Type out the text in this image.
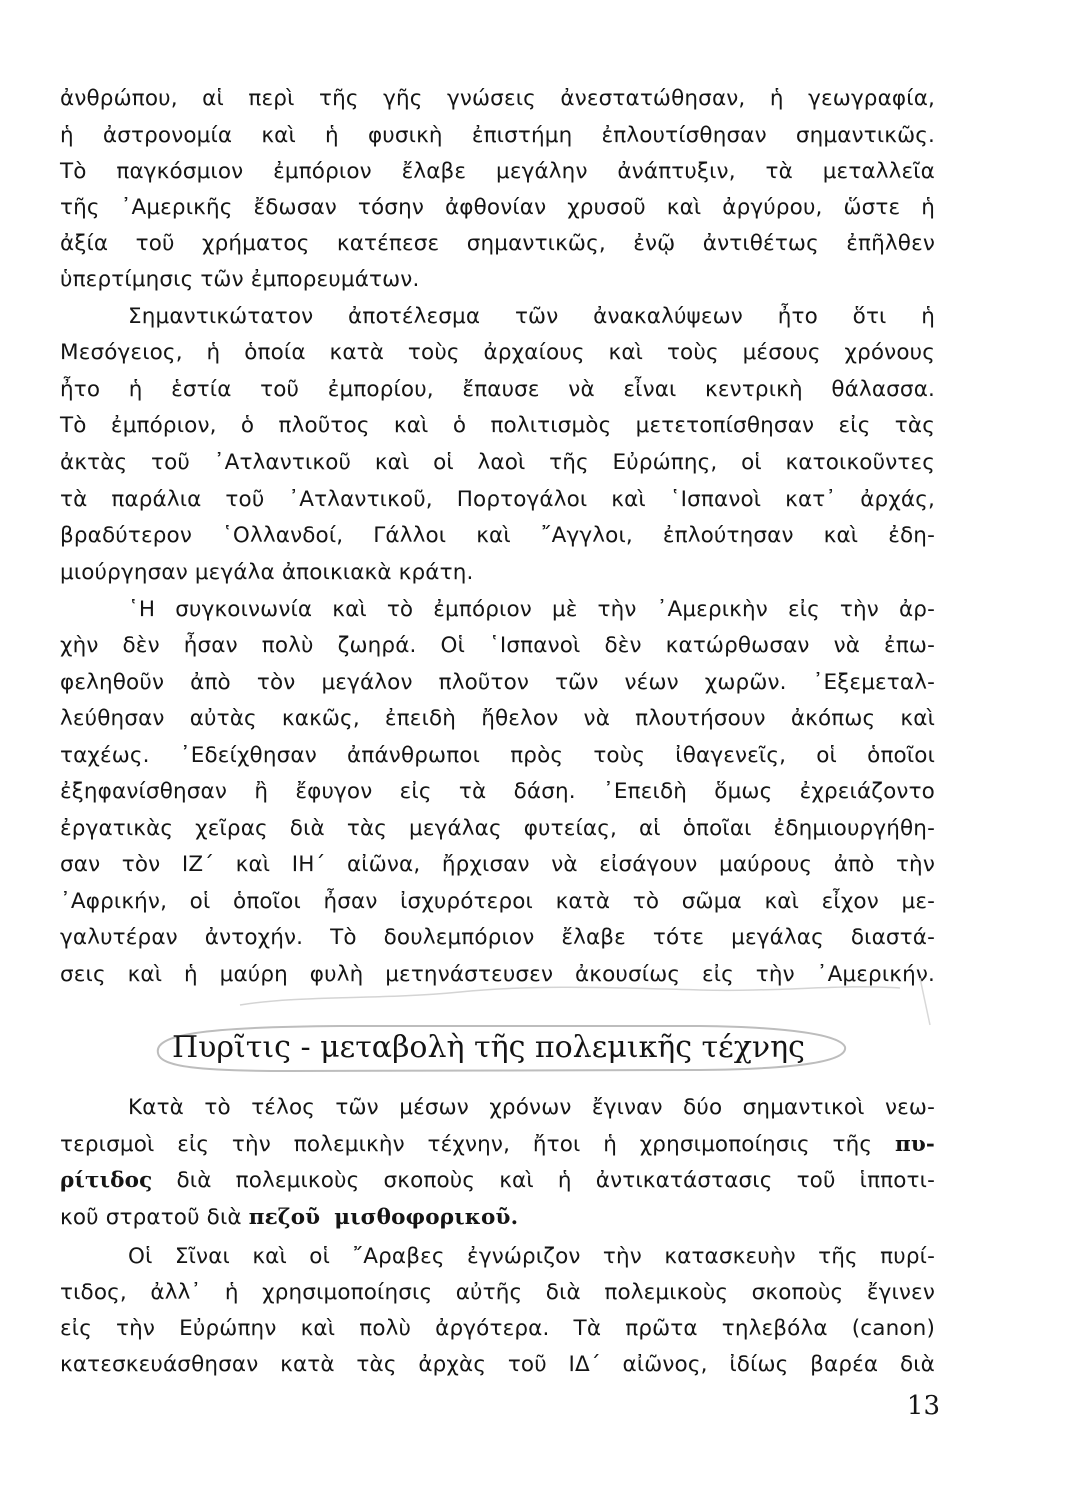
ἀνθρώπου, αἱ περὶ τῆς γῆς γνώσεις ἀνεστατώθησαν, ἡ γεωγραφία,
ἡ ἀστρονομία καὶ ἡ φυσικὴ ἐπιστήμη ἐπλουτίσθησαν σημαντικῶς.
Τὸ παγκόσμιον ἐμπόριον ἔλαβε μεγάλην ἀνάπτυξιν, τὰ μεταλλεῖα
τῆς ᾿Αμερικῆς ἔδωσαν τόσην ἀφθονίαν χρυσοῦ καὶ ἀργύρου, ὥστε ἡ
ἀξία τοῦ χρήματος κατέπεσε σημαντικῶς, ἐνῷ ἀντιθέτως ἐπῆλθεν
ὑπερτίμησις τῶν ἐμπορευμάτων.
Σημαντικώτατον ἀποτέλεσμα τῶν ἀνακαλύψεων ἦτο ὅτι ἡ
Μεσόγειος, ἡ ὁποία κατὰ τοὺς ἀρχαίους καὶ τοὺς μέσους χρόνους
ἦτο ἡ ἑστία τοῦ ἐμπορίου, ἔπαυσε νὰ εἶναι κεντρικὴ θάλασσα.
Τὸ ἐμπόριον, ὁ πλοῦτος καὶ ὁ πολιτισμὸς μετετοπίσθησαν εἰς τὰς
ἀκτὰς τοῦ ᾿Ατλαντικοῦ καὶ οἱ λαοὶ τῆς Εὐρώπης, οἱ κατοικοῦντες
τὰ παράλια τοῦ ᾿Ατλαντικοῦ, Πορτογάλοι καὶ ῾Ισπανοὶ κατ᾿ ἀρχάς,
βραδύτερον ῾Ολλανδοί, Γάλλοι καὶ ῎Αγγλοι, ἐπλούτησαν καὶ ἐδη-
μιούργησαν μεγάλα ἀποικιακὰ κράτη.
῾Η συγκοινωνία καὶ τὸ ἐμπόριον μὲ τὴν ᾿Αμερικὴν εἰς τὴν ἀρ-
χὴν δὲν ἦσαν πολὺ ζωηρά. Οἱ ῾Ισπανοὶ δὲν κατώρθωσαν νὰ ἐπω-
φεληθοῦν ἀπὸ τὸν μεγάλον πλοῦτον τῶν νέων χωρῶν. ᾿Εξεμεταλ-
λεύθησαν αὐτὰς κακῶς, ἐπειδὴ ἤθελον νὰ πλουτήσουν ἀκόπως καὶ
ταχέως. ᾿Εδείχθησαν ἀπάνθρωποι πρὸς τοὺς ἰθαγενεῖς, οἱ ὁποῖοι
ἐξηφανίσθησαν ἢ ἔφυγον εἰς τὰ δάση. ᾿Επειδὴ ὅμως ἐχρειάζοντο
ἐργατικὰς χεῖρας διὰ τὰς μεγάλας φυτείας, αἱ ὁποῖαι ἐδημιουργήθη-
σαν τὸν ΙΖ΄ καὶ ΙΗ΄ αἰῶνα, ἤρχισαν νὰ εἰσάγουν μαύρους ἀπὸ τὴν
᾿Αφρικήν, οἱ ὁποῖοι ἦσαν ἰσχυρότεροι κατὰ τὸ σῶμα καὶ εἶχον με-
γαλυτέραν ἀντοχήν. Τὸ δουλεμπόριον ἔλαβε τότε μεγάλας διαστά-
σεις καὶ ἡ μαύρη φυλὴ μετηνάστευσεν ἀκουσίως εἰς τὴν ᾿Αμερικήν.
Πυρῖτις - μεταβολὴ τῆς πολεμικῆς τέχνης
Κατὰ τὸ τέλος τῶν μέσων χρόνων ἔγιναν δύο σημαντικοὶ νεω-
τερισμοὶ εἰς τὴν πολεμικὴν τέχνην, ἤτοι ἡ χρησιμοποίησις τῆς πυ-
ρίτιδος διὰ πολεμικοὺς σκοποὺς καὶ ἡ ἀντικατάστασις τοῦ ἱπποτι-
κοῦ στρατοῦ διὰ πεζοῦ μισθοφορικοῦ.
Οἱ Σῖναι καὶ οἱ ῎Αραβες ἐγνώριζον τὴν κατασκευὴν τῆς πυρί-
τιδος, ἀλλ᾿ ἡ χρησιμοποίησις αὐτῆς διὰ πολεμικοὺς σκοποὺς ἔγινεν
εἰς τὴν Εὐρώπην καὶ πολὺ ἀργότερα. Τὰ πρῶτα τηλεβόλα (canon)
κατεσκευάσθησαν κατὰ τὰς ἀρχὰς τοῦ ΙΔ΄ αἰῶνος, ἰδίως βαρέα διὰ
13
